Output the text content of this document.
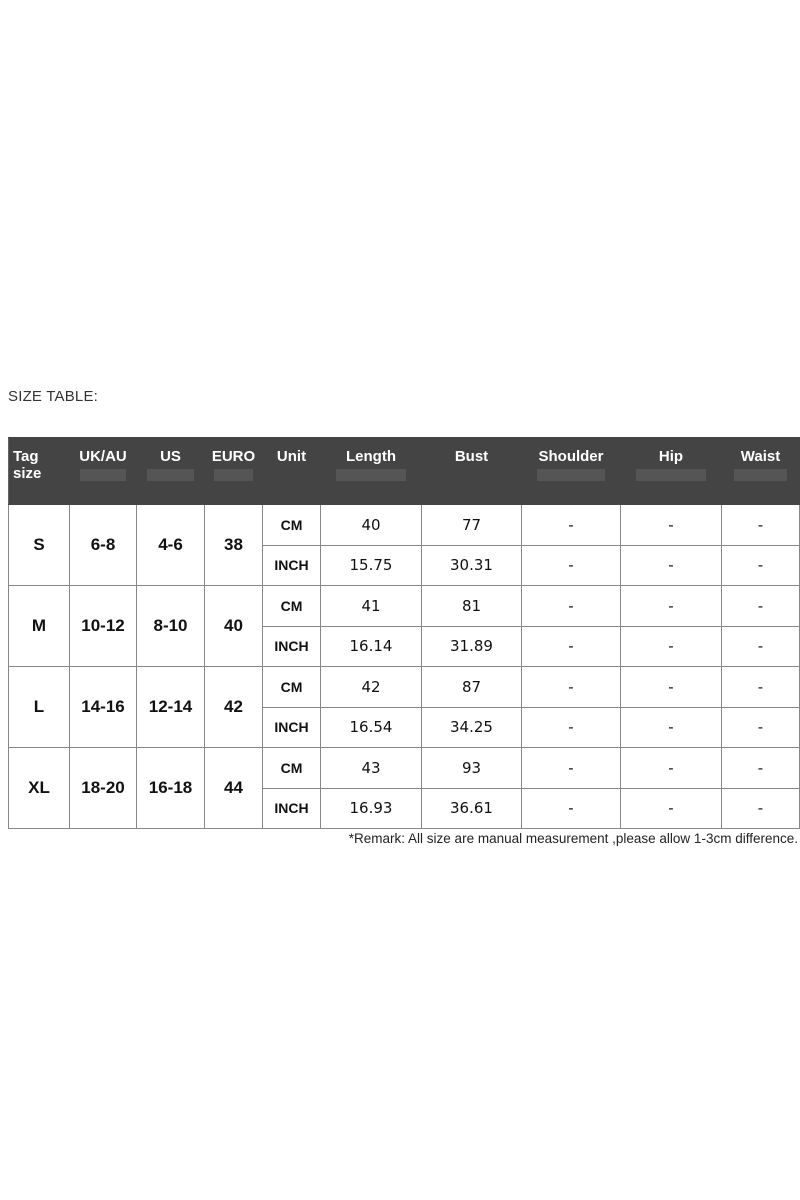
SIZE TABLE:
Tag size	UK/AU	US	EURO	Unit	Length	Bust	Shoulder	Hip	Waist

S	6-8	4-6	38	CM	40	77	-	-	-
				INCH	15.75	30.31	-	-	-
M	10-12	8-10	40	CM	41	81	-	-	-
				INCH	16.14	31.89	-	-	-
L	14-16	12-14	42	CM	42	87	-	-	-
				INCH	16.54	34.25	-	-	-
XL	18-20	16-18	44	CM	43	93	-	-	-
				INCH	16.93	36.61	-	-	-
*Remark: All size are manual measurement ,please allow 1-3cm difference.
